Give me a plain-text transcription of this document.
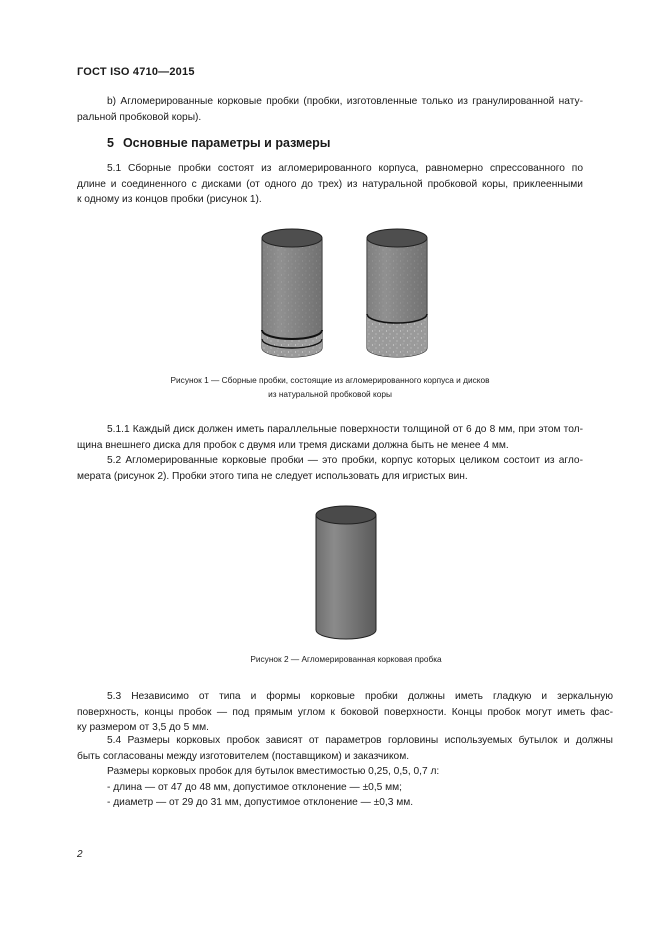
ГОСТ ISO 4710—2015
b) Агломерированные корковые пробки (пробки, изготовленные только из гранулированной нату-
ральной пробковой коры).
5 Основные параметры и размеры
5.1 Сборные пробки состоят из агломерированного корпуса, равномерно спрессованного по
длине и соединенного с дисками (от одного до трех) из натуральной пробковой коры, приклеенными
к одному из концов пробки (рисунок 1).
Рисунок 1 — Сборные пробки, состоящие из агломерированного корпуса и дисков
из натуральной пробковой коры
5.1.1 Каждый диск должен иметь параллельные поверхности толщиной от 6 до 8 мм, при этом тол-
щина внешнего диска для пробок с двумя или тремя дисками должна быть не менее 4 мм.
5.2 Агломерированные корковые пробки — это пробки, корпус которых целиком состоит из агло-
мерата (рисунок 2). Пробки этого типа не следует использовать для игристых вин.
Рисунок 2 — Агломерированная корковая пробка
5.3 Независимо от типа и формы корковые пробки должны иметь гладкую и зеркальную
поверхность, концы пробок — под прямым углом к боковой поверхности. Концы пробок могут иметь фас-
ку размером от 3,5 до 5 мм.
5.4 Размеры корковых пробок зависят от параметров горловины используемых бутылок и должны
быть согласованы между изготовителем (поставщиком) и заказчиком.
Размеры корковых пробок для бутылок вместимостью 0,25, 0,5, 0,7 л:
- длина — от 47 до 48 мм, допустимое отклонение — ±0,5 мм;
- диаметр — от 29 до 31 мм, допустимое отклонение — ±0,3 мм.
2
